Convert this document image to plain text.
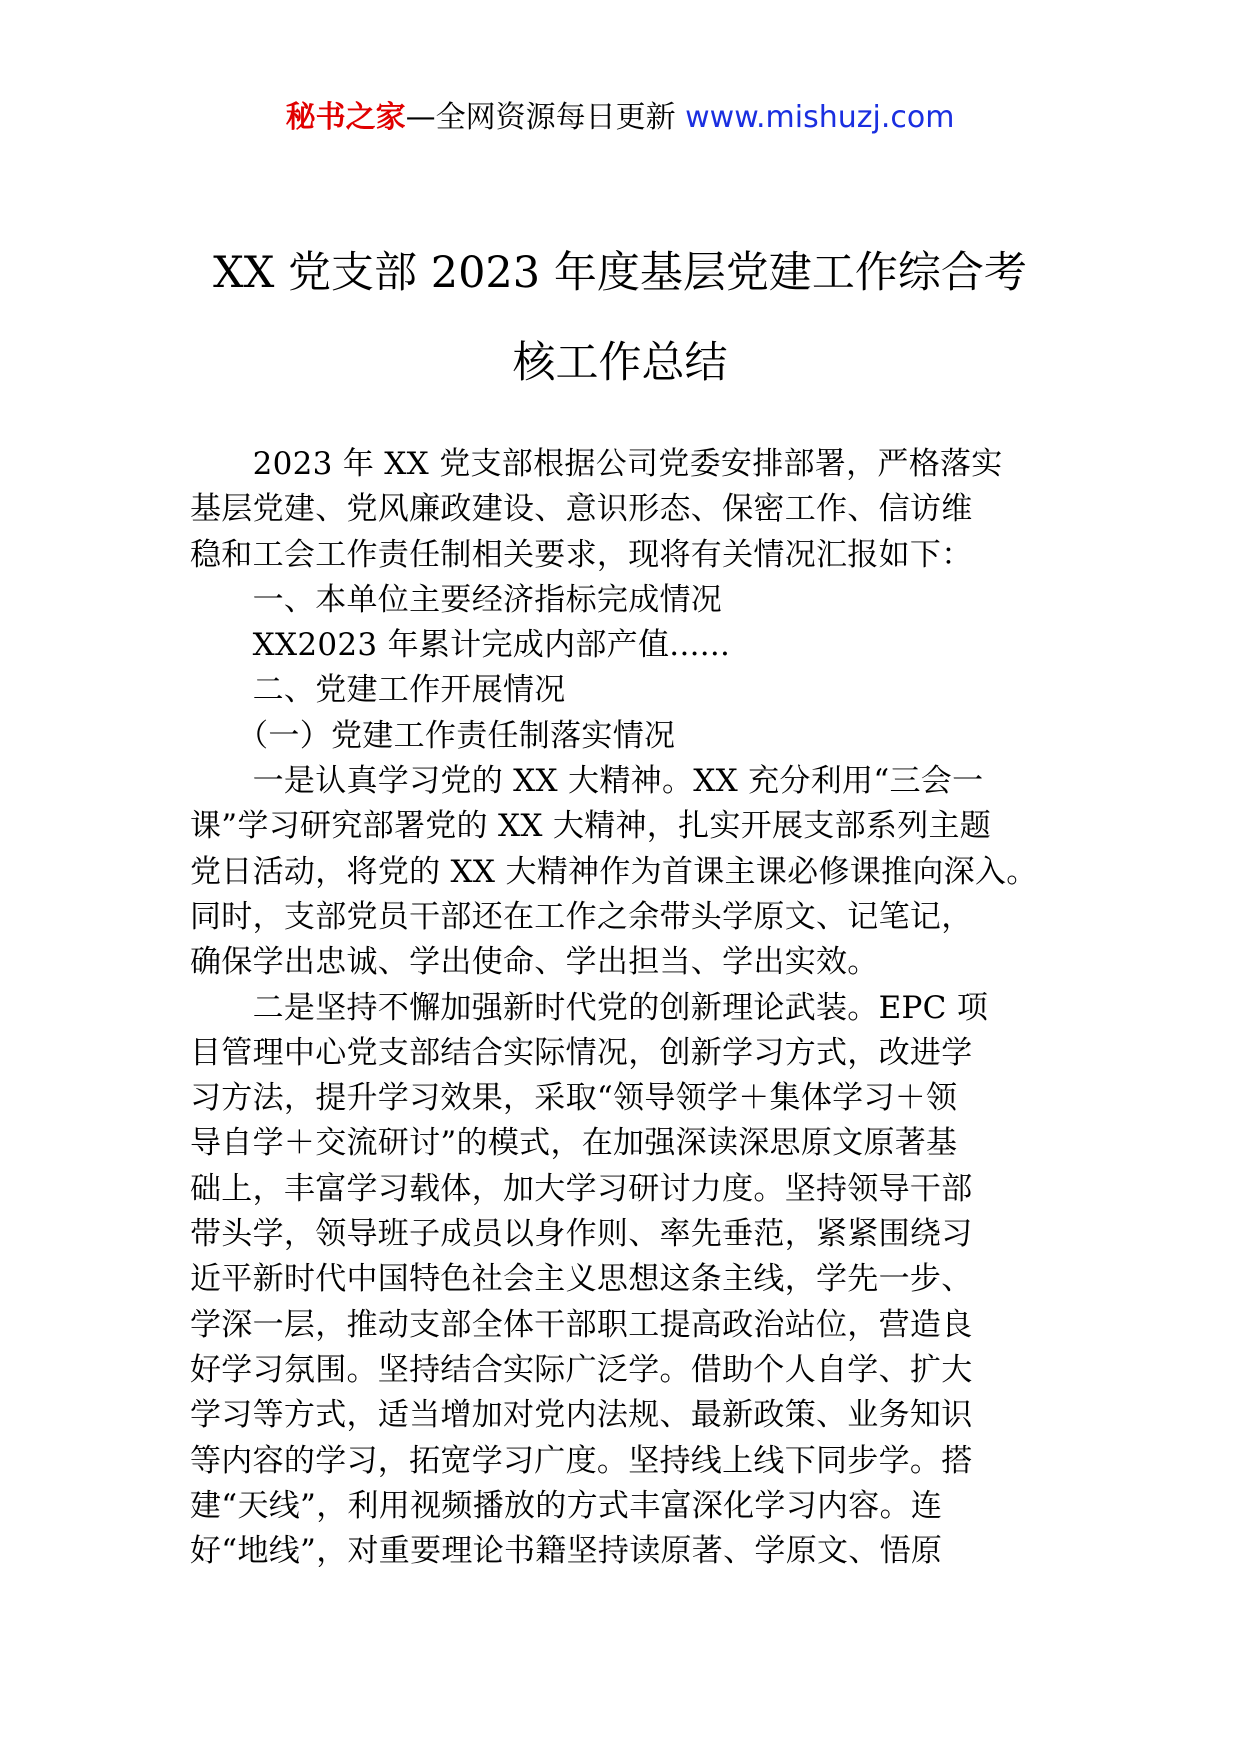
秘书之家—全网资源每日更新 www.mishuzj.com
XX 党支部 2023 年度基层党建工作综合考
核工作总结
　　2023 年 XX 党支部根据公司党委安排部署，严格落实
基层党建、党风廉政建设、意识形态、保密工作、信访维
稳和工会工作责任制相关要求，现将有关情况汇报如下：
　　一、本单位主要经济指标完成情况
　　XX2023 年累计完成内部产值......
　　二、党建工作开展情况
　　（一）党建工作责任制落实情况
　　一是认真学习党的 XX 大精神。XX 充分利用“三会一
课”学习研究部署党的 XX 大精神，扎实开展支部系列主题
党日活动，将党的 XX 大精神作为首课主课必修课推向深入。
同时，支部党员干部还在工作之余带头学原文、记笔记，
确保学出忠诚、学出使命、学出担当、学出实效。
　　二是坚持不懈加强新时代党的创新理论武装。EPC 项
目管理中心党支部结合实际情况，创新学习方式，改进学
习方法，提升学习效果，采取“领导领学＋集体学习＋领
导自学＋交流研讨”的模式，在加强深读深思原文原著基
础上，丰富学习载体，加大学习研讨力度。坚持领导干部
带头学，领导班子成员以身作则、率先垂范，紧紧围绕习
近平新时代中国特色社会主义思想这条主线，学先一步、
学深一层，推动支部全体干部职工提高政治站位，营造良
好学习氛围。坚持结合实际广泛学。借助个人自学、扩大
学习等方式，适当增加对党内法规、最新政策、业务知识
等内容的学习，拓宽学习广度。坚持线上线下同步学。搭
建“天线”，利用视频播放的方式丰富深化学习内容。连
好“地线”，对重要理论书籍坚持读原著、学原文、悟原
